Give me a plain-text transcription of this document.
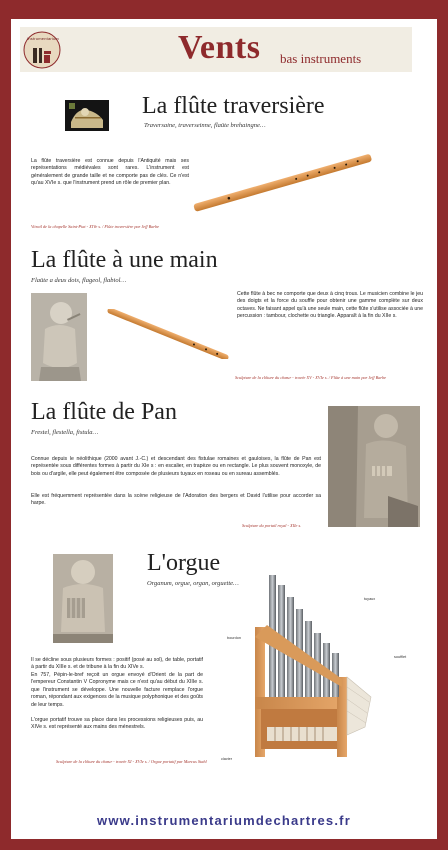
Instrumentarium	Vents bas instruments
La flûte traversière
Traversaine, traverseinne, flaüte brehaingne…
La flûte traversière est connue depuis l'Antiquité mais ses représentations médiévales sont rares. L'instrument est généralement de grande taille et ne comporte pas de clés. Ce n'est qu'au XVIe s. que l'instrument prend un rôle de premier plan.
Vitrail de la chapelle Saint-Piat - XIVe s. / Flûte traversière par Jeff Barbe
La flûte à une main
Flaüte a deus dois, flageol, flabiol…
Cette flûte à bec ne comporte que deux à cinq trous. Le musicien combine le jeu des doigts et la force du souffle pour obtenir une gamme complète sur deux octaves. Ne faisant appel qu'à une seule main, cette flûte s'utilise associée à une percussion : tambour, clochette ou triangle. Apparaît à la fin du XIIe s.
Sculpture de la clôture du chœur - travée XV - XVIe s. / Flûte à une main par Jeff Barbe
La flûte de Pan
Frestel, flestella, fistula…
Connue depuis le néolithique (2000 avant J.-C.) et descendant des fistulae romaines et gauloises, la flûte de Pan est représentée sous différentes formes à partir du XIe s : en escalier, en trapèze ou en rectangle. Le plus souvent monoxyle, de bois ou d'argile, elle peut également être composée de plusieurs tuyaux en roseau ou en sureau assemblés.
Elle est fréquemment représentée dans la scène religieuse de l'Adoration des bergers et David l'utilise pour accorder sa harpe.
Sculpture du portail royal - XIIe s.
L'orgue
Organum, orgue, organ, orguette…
Il se décline sous plusieurs formes : positif (posé au sol), de table, portatif à partir du XIIIe s. et de tribune à la fin du XIVe s.
En 757, Pépin-le-bref reçoit un orgue envoyé d'Orient de la part de l'empereur Constantin V Copronyme mais ce n'est qu'au début du XIIIe s. que l'instrument se développe. Une nouvelle facture remplace l'orgue roman, répondant aux exigences de la musique polyphonique et des goûts de leur temps.
L'orgue portatif trouve sa place dans les processions religieuses puis, au XIVe s. est représenté aux mains des ménestrels.
Sculpture de la clôture du chœur - travée XI - XVIe s. / Orgue portatif par Marcus Stahl
tuyaux
bourdon
soufflet
clavier
www.instrumentariumdechartres.fr
